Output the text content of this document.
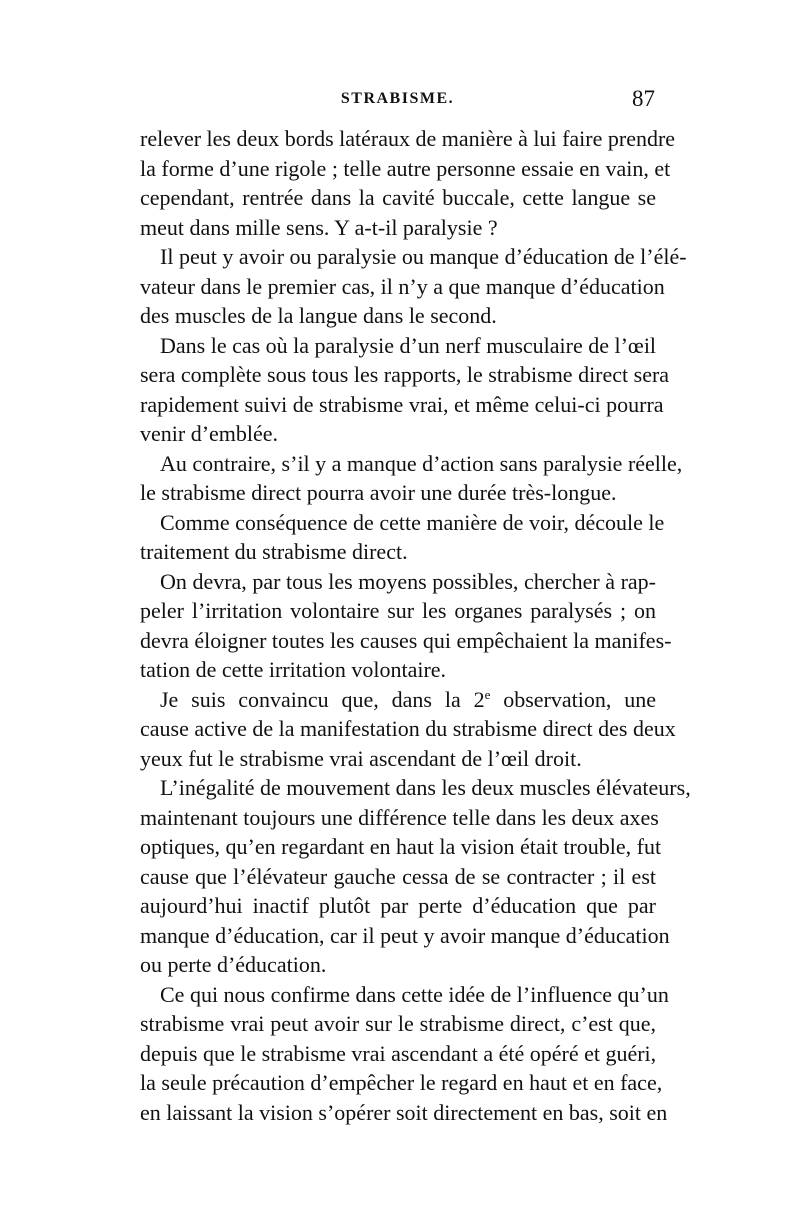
STRABISME.	87
relever les deux bords latéraux de manière à lui faire prendre
la forme d’une rigole ; telle autre personne essaie en vain, et
cependant, rentrée dans la cavité buccale, cette langue se
meut dans mille sens. Y a-t-il paralysie ?
Il peut y avoir ou paralysie ou manque d’éducation de l’élé-
vateur dans le premier cas, il n’y a que manque d’éducation
des muscles de la langue dans le second.
Dans le cas où la paralysie d’un nerf musculaire de l’œil
sera complète sous tous les rapports, le strabisme direct sera
rapidement suivi de strabisme vrai, et même celui-ci pourra
venir d’emblée.
Au contraire, s’il y a manque d’action sans paralysie réelle,
le strabisme direct pourra avoir une durée très-longue.
Comme conséquence de cette manière de voir, découle le
traitement du strabisme direct.
On devra, par tous les moyens possibles, chercher à rap-
peler l’irritation volontaire sur les organes paralysés ; on
devra éloigner toutes les causes qui empêchaient la manifes-
tation de cette irritation volontaire.
Je suis convaincu que, dans la 2e observation, une
cause active de la manifestation du strabisme direct des deux
yeux fut le strabisme vrai ascendant de l’œil droit.
L’inégalité de mouvement dans les deux muscles élévateurs,
maintenant toujours une différence telle dans les deux axes
optiques, qu’en regardant en haut la vision était trouble, fut
cause que l’élévateur gauche cessa de se contracter ; il est
aujourd’hui inactif plutôt par perte d’éducation que par
manque d’éducation, car il peut y avoir manque d’éducation
ou perte d’éducation.
Ce qui nous confirme dans cette idée de l’influence qu’un
strabisme vrai peut avoir sur le strabisme direct, c’est que,
depuis que le strabisme vrai ascendant a été opéré et guéri,
la seule précaution d’empêcher le regard en haut et en face,
en laissant la vision s’opérer soit directement en bas, soit en
